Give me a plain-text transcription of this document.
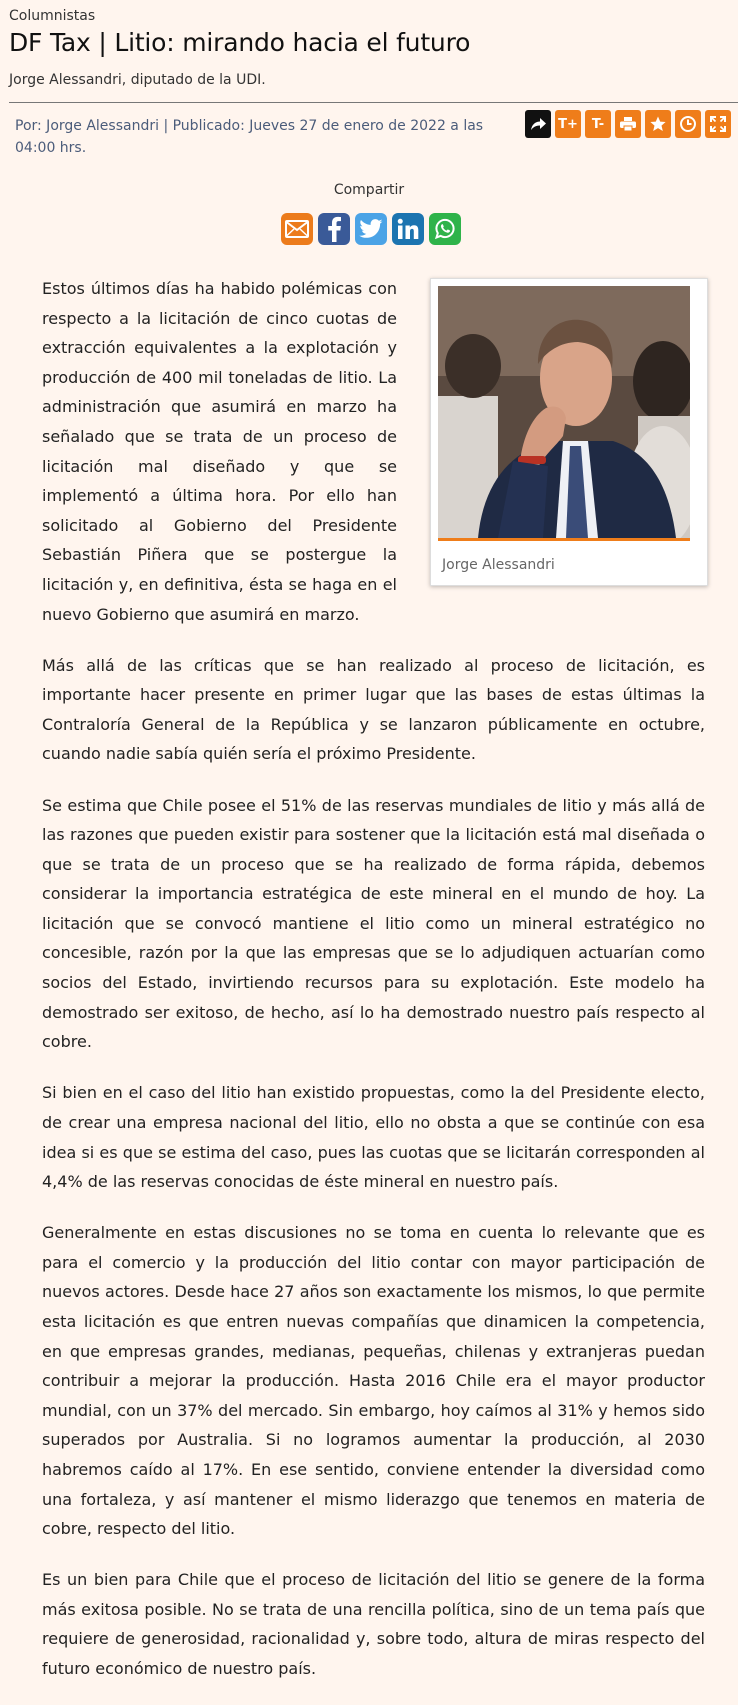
Columnistas
DF Tax | Litio: mirando hacia el futuro
Jorge Alessandri, diputado de la UDI.
Por: Jorge Alessandri | Publicado: Jueves 27 de enero de 2022 a las 04:00 hrs.
T+	T-
Compartir
Jorge Alessandri

Estos últimos días ha habido polémicas con respecto a la licitación de cinco cuotas de extracción equivalentes a la explotación y producción de 400 mil toneladas de litio. La administración que asumirá en marzo ha señalado que se trata de un proceso de licitación mal diseñado y que se implementó a última hora. Por ello han solicitado al Gobierno del Presidente Sebastián Piñera que se postergue la licitación y, en definitiva, ésta se haga en el nuevo Gobierno que asumirá en marzo.

Más allá de las críticas que se han realizado al proceso de licitación, es importante hacer presente en primer lugar que las bases de estas últimas la Contraloría General de la República y se lanzaron públicamente en octubre, cuando nadie sabía quién sería el próximo Presidente.

Se estima que Chile posee el 51% de las reservas mundiales de litio y más allá de las razones que pueden existir para sostener que la licitación está mal diseñada o que se trata de un proceso que se ha realizado de forma rápida, debemos considerar la importancia estratégica de este mineral en el mundo de hoy. La licitación que se convocó mantiene el litio como un mineral estratégico no concesible, razón por la que las empresas que se lo adjudiquen actuarían como socios del Estado, invirtiendo recursos para su explotación. Este modelo ha demostrado ser exitoso, de hecho, así lo ha demostrado nuestro país respecto al cobre.

Si bien en el caso del litio han existido propuestas, como la del Presidente electo, de crear una empresa nacional del litio, ello no obsta a que se continúe con esa idea si es que se estima del caso, pues las cuotas que se licitarán corresponden al 4,4% de las reservas conocidas de éste mineral en nuestro país.

Generalmente en estas discusiones no se toma en cuenta lo relevante que es para el comercio y la producción del litio contar con mayor participación de nuevos actores. Desde hace 27 años son exactamente los mismos, lo que permite esta licitación es que entren nuevas compañías que dinamicen la competencia, en que empresas grandes, medianas, pequeñas, chilenas y extranjeras puedan contribuir a mejorar la producción. Hasta 2016 Chile era el mayor productor mundial, con un 37% del mercado. Sin embargo, hoy caímos al 31% y hemos sido superados por Australia. Si no logramos aumentar la producción, al 2030 habremos caído al 17%. En ese sentido, conviene entender la diversidad como una fortaleza, y así mantener el mismo liderazgo que tenemos en materia de cobre, respecto del litio.

Es un bien para Chile que el proceso de licitación del litio se genere de la forma más exitosa posible. No se trata de una rencilla política, sino de un tema país que requiere de generosidad, racionalidad y, sobre todo, altura de miras respecto del futuro económico de nuestro país.
